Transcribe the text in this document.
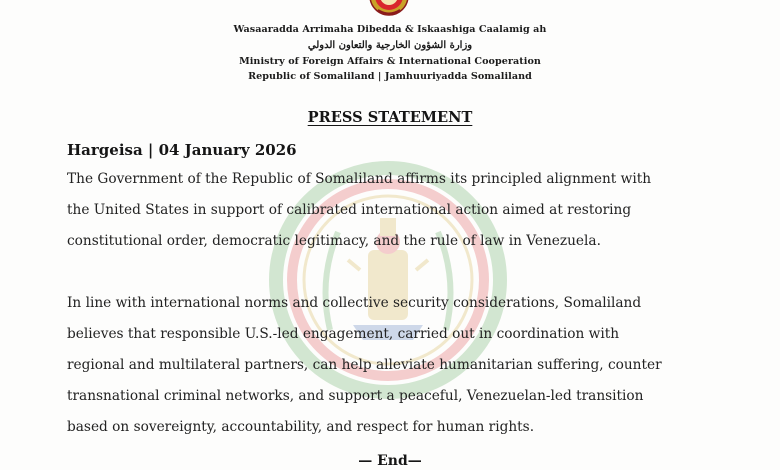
Wasaaradda Arrimaha Dibedda & Iskaashiga Caalamig ah
وزارة الشؤون الخارجية والتعاون الدولي
Ministry of Foreign Affairs & International Cooperation
Republic of Somaliland | Jamhuuriyadda Somaliland
PRESS STATEMENT
Hargeisa | 04 January 2026
The Government of the Republic of Somaliland affirms its principled alignment with
the United States in support of calibrated international action aimed at restoring
constitutional order, democratic legitimacy, and the rule of law in Venezuela.
In line with international norms and collective security considerations, Somaliland
believes that responsible U.S.-led engagement, carried out in coordination with
regional and multilateral partners, can help alleviate humanitarian suffering, counter
transnational criminal networks, and support a peaceful, Venezuelan-led transition
based on sovereignty, accountability, and respect for human rights.
— End—
